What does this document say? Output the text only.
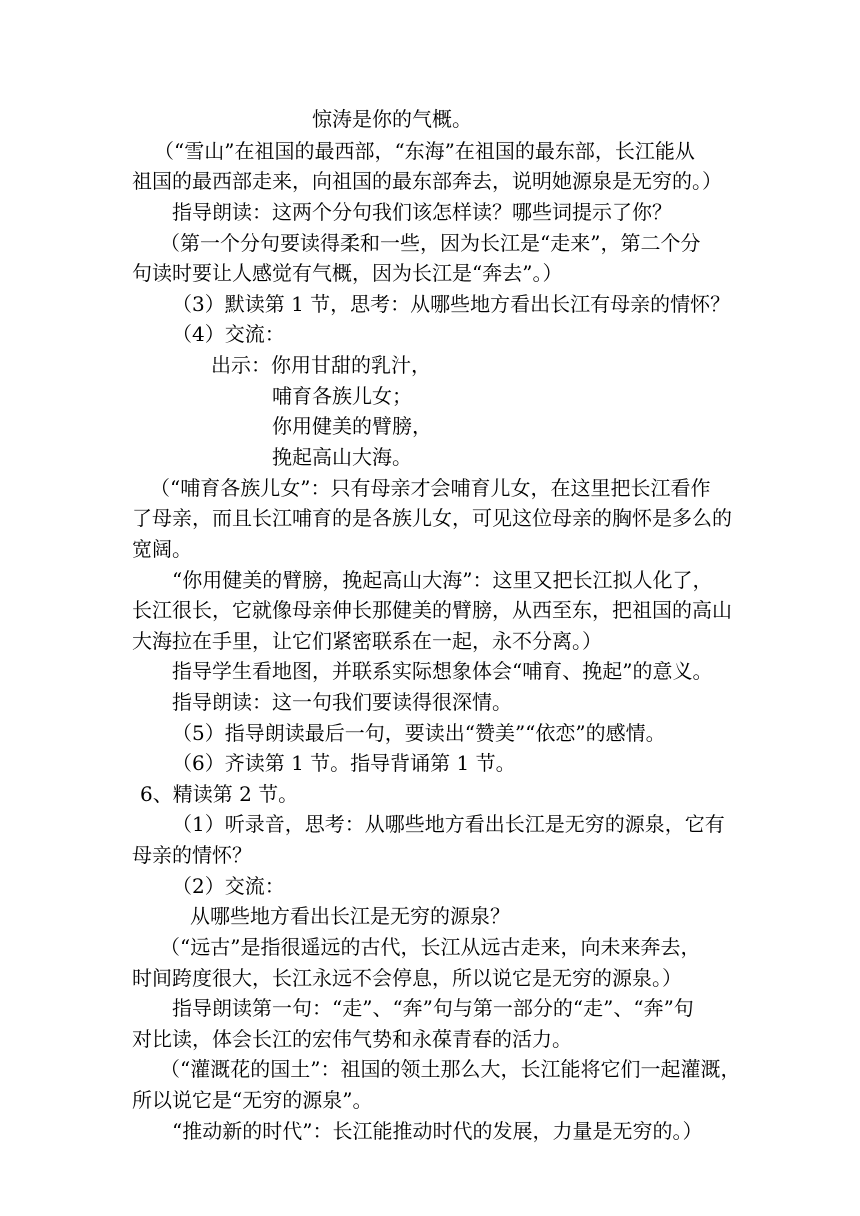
惊涛是你的气概。
（“雪山”在祖国的最西部，“东海”在祖国的最东部，长江能从
祖国的最西部走来，向祖国的最东部奔去，说明她源泉是无穷的。）
指导朗读：这两个分句我们该怎样读？哪些词提示了你？
（第一个分句要读得柔和一些，因为长江是“走来”，第二个分
句读时要让人感觉有气概，因为长江是“奔去”。）
（3）默读第 1 节，思考：从哪些地方看出长江有母亲的情怀？
（4）交流：
出示：你用甘甜的乳汁，
哺育各族儿女；
你用健美的臂膀，
挽起高山大海。
（“哺育各族儿女”：只有母亲才会哺育儿女，在这里把长江看作
了母亲，而且长江哺育的是各族儿女，可见这位母亲的胸怀是多么的
宽阔。
“你用健美的臂膀，挽起高山大海”：这里又把长江拟人化了，
长江很长，它就像母亲伸长那健美的臂膀，从西至东，把祖国的高山
大海拉在手里，让它们紧密联系在一起，永不分离。）
指导学生看地图，并联系实际想象体会“哺育、挽起”的意义。
指导朗读：这一句我们要读得很深情。
（5）指导朗读最后一句，要读出“赞美”“依恋”的感情。
（6）齐读第 1 节。指导背诵第 1 节。
6、精读第 2 节。
（1）听录音，思考：从哪些地方看出长江是无穷的源泉，它有
母亲的情怀？
（2）交流：
从哪些地方看出长江是无穷的源泉？
（“远古”是指很遥远的古代，长江从远古走来，向未来奔去，
时间跨度很大，长江永远不会停息，所以说它是无穷的源泉。）
指导朗读第一句：“走”、“奔”句与第一部分的“走”、“奔”句
对比读，体会长江的宏伟气势和永葆青春的活力。
（“灌溉花的国土”：祖国的领土那么大，长江能将它们一起灌溉，
所以说它是“无穷的源泉”。
“推动新的时代”：长江能推动时代的发展，力量是无穷的。）
